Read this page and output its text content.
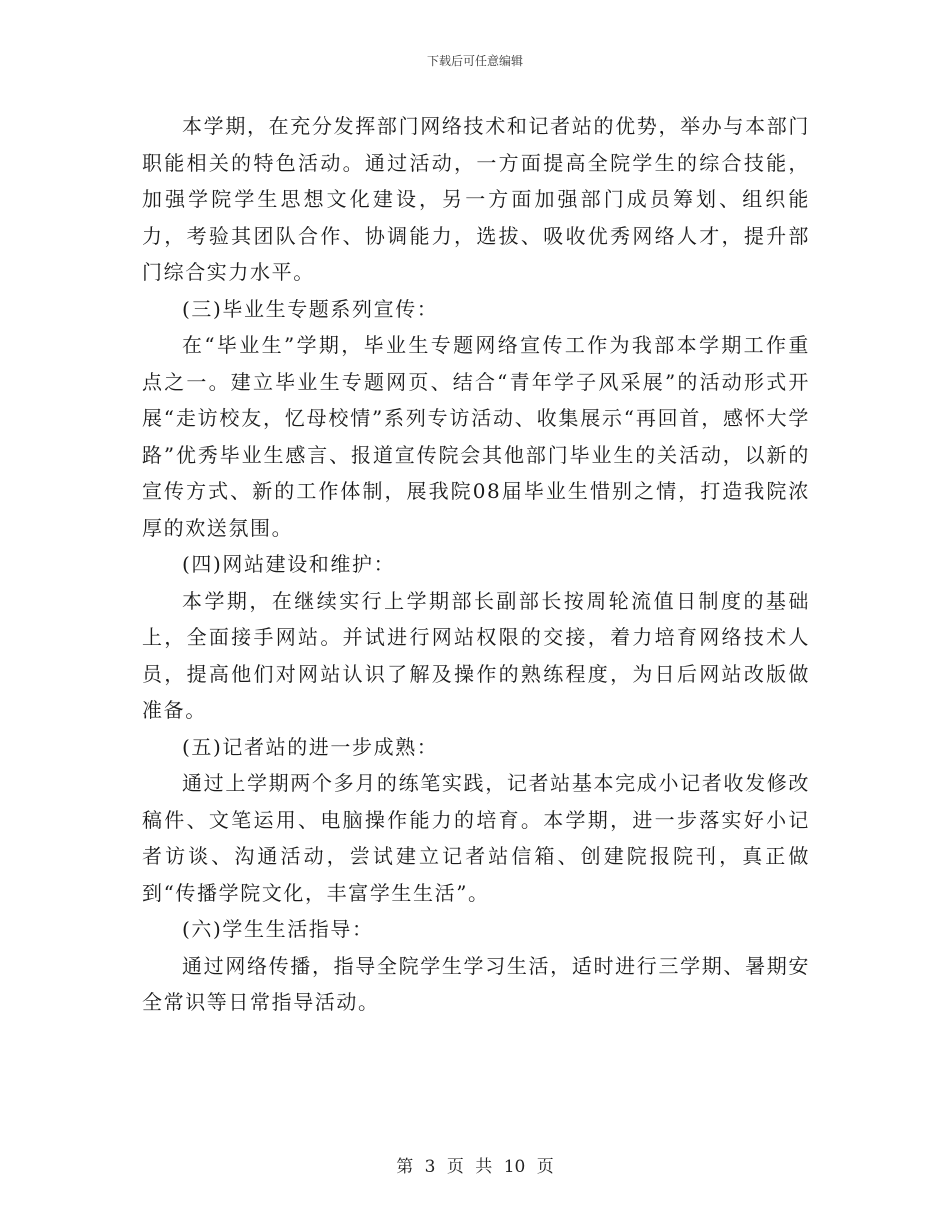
下载后可任意编辑

本学期，在充分发挥部门网络技术和记者站的优势，举办与本部门职能相关的特色活动。通过活动，一方面提高全院学生的综合技能，加强学院学生思想文化建设，另一方面加强部门成员筹划、组织能力，考验其团队合作、协调能力，选拔、吸收优秀网络人才，提升部门综合实力水平。

(三)毕业生专题系列宣传：

在“毕业生”学期，毕业生专题网络宣传工作为我部本学期工作重点之一。建立毕业生专题网页、结合“青年学子风采展”的活动形式开展“走访校友，忆母校情”系列专访活动、收集展示“再回首，感怀大学路”优秀毕业生感言、报道宣传院会其他部门毕业生的关活动，以新的宣传方式、新的工作体制，展我院08届毕业生惜别之情，打造我院浓厚的欢送氛围。

(四)网站建设和维护：

本学期，在继续实行上学期部长副部长按周轮流值日制度的基础上，全面接手网站。并试进行网站权限的交接，着力培育网络技术人员，提高他们对网站认识了解及操作的熟练程度，为日后网站改版做准备。

(五)记者站的进一步成熟：

通过上学期两个多月的练笔实践，记者站基本完成小记者收发修改稿件、文笔运用、电脑操作能力的培育。本学期，进一步落实好小记者访谈、沟通活动，尝试建立记者站信箱、创建院报院刊，真正做到“传播学院文化，丰富学生生活”。

(六)学生生活指导：

通过网络传播，指导全院学生学习生活，适时进行三学期、暑期安全常识等日常指导活动。

第 3 页 共 10 页
